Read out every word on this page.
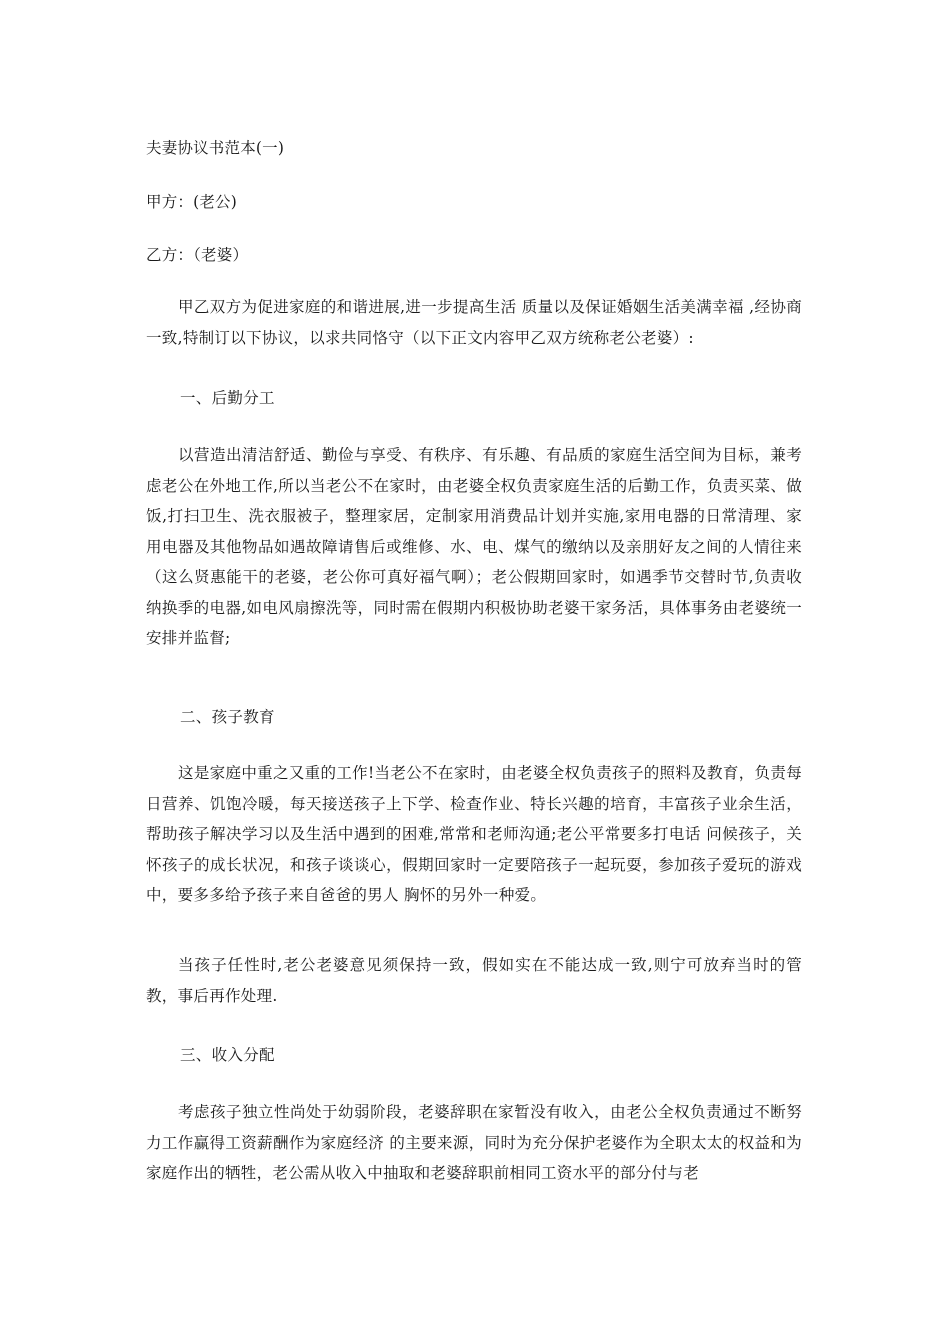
夫妻协议书范本(一)
甲方：(老公)
乙方：（老婆）
甲乙双方为促进家庭的和谐进展,进一步提高生活 质量以及保证婚姻生活美满幸福 ,经协商一致,特制订以下协议，以求共同恪守（以下正文内容甲乙双方统称老公老婆）:
一、后勤分工
以营造出清洁舒适、勤俭与享受、有秩序、有乐趣、有品质的家庭生活空间为目标，兼考虑老公在外地工作,所以当老公不在家时，由老婆全权负责家庭生活的后勤工作，负责买菜、做饭,打扫卫生、洗衣服被子，整理家居，定制家用消费品计划并实施,家用电器的日常清理、家用电器及其他物品如遇故障请售后或维修、水、电、煤气的缴纳以及亲朋好友之间的人情往来（这么贤惠能干的老婆，老公你可真好福气啊）；老公假期回家时，如遇季节交替时节,负责收纳换季的电器,如电风扇擦洗等，同时需在假期内积极协助老婆干家务活，具体事务由老婆统一安排并监督;
二、孩子教育
这是家庭中重之又重的工作!当老公不在家时，由老婆全权负责孩子的照料及教育，负责每日营养、饥饱冷暖，每天接送孩子上下学、检查作业、特长兴趣的培育，丰富孩子业余生活，帮助孩子解决学习以及生活中遇到的困难,常常和老师沟通;老公平常要多打电话 问候孩子，关怀孩子的成长状况，和孩子谈谈心，假期回家时一定要陪孩子一起玩耍，参加孩子爱玩的游戏中，要多多给予孩子来自爸爸的男人 胸怀的另外一种爱。
当孩子任性时,老公老婆意见须保持一致，假如实在不能达成一致,则宁可放弃当时的管教，事后再作处理.
三、收入分配
考虑孩子独立性尚处于幼弱阶段，老婆辞职在家暂没有收入，由老公全权负责通过不断努力工作赢得工资薪酬作为家庭经济 的主要来源，同时为充分保护老婆作为全职太太的权益和为家庭作出的牺牲，老公需从收入中抽取和老婆辞职前相同工资水平的部分付与老
